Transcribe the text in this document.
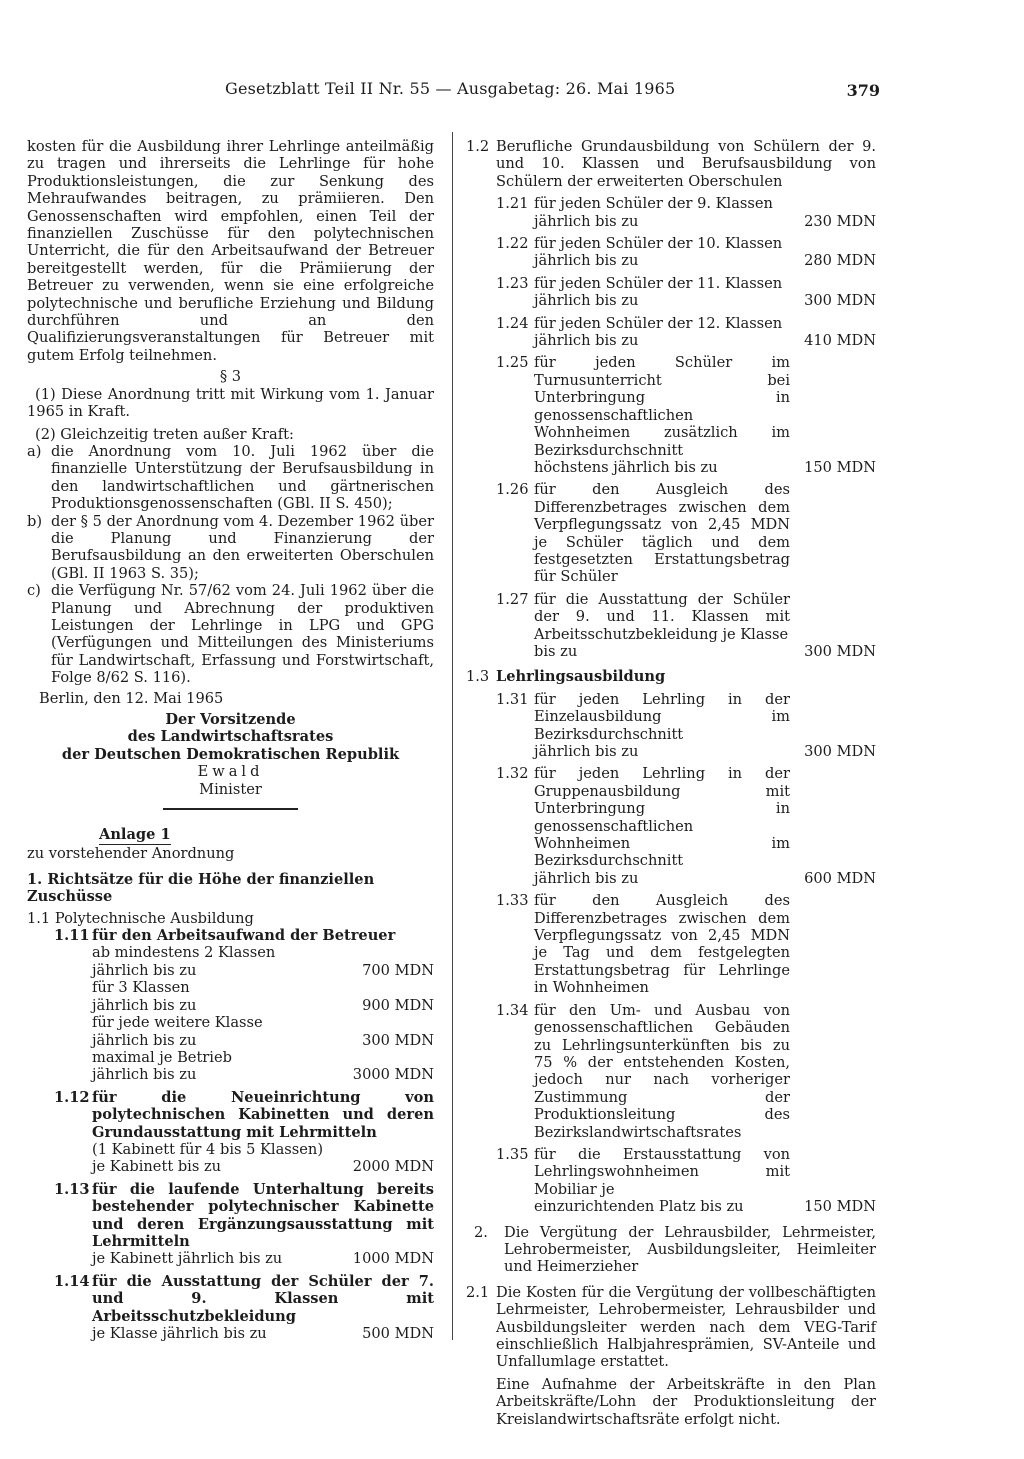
Gesetzblatt Teil II Nr. 55 — Ausgabetag: 26. Mai 1965	379

kosten für die Ausbildung ihrer Lehrlinge anteilmäßig zu tragen und ihrerseits die Lehrlinge für hohe Produktionsleistungen, die zur Senkung des Mehraufwandes beitragen, zu prämiieren. Den Genossenschaften wird empfohlen, einen Teil der finanziellen Zuschüsse für den polytechnischen Unterricht, die für den Arbeitsaufwand der Betreuer bereitgestellt werden, für die Prämiierung der Betreuer zu verwenden, wenn sie eine erfolgreiche polytechnische und berufliche Erziehung und Bildung durchführen und an den Qualifizierungsveranstaltungen für Betreuer mit gutem Erfolg teilnehmen.

§ 3

(1) Diese Anordnung tritt mit Wirkung vom 1. Januar 1965 in Kraft.

(2) Gleichzeitig treten außer Kraft:

a) die Anordnung vom 10. Juli 1962 über die finanzielle Unterstützung der Berufsausbildung in den landwirtschaftlichen und gärtnerischen Produktionsgenossenschaften (GBl. II S. 450);
b) der § 5 der Anordnung vom 4. Dezember 1962 über die Planung und Finanzierung der Berufsausbildung an den erweiterten Oberschulen (GBl. II 1963 S. 35);
c) die Verfügung Nr. 57/62 vom 24. Juli 1962 über die Planung und Abrechnung der produktiven Leistungen der Lehrlinge in LPG und GPG (Verfügungen und Mitteilungen des Ministeriums für Landwirtschaft, Erfassung und Forstwirtschaft, Folge 8/62 S. 116).
Berlin, den 12. Mai 1965
Der Vorsitzende
des Landwirtschaftsrates
der Deutschen Demokratischen Republik
Ewald
Minister
Anlage 1
zu vorstehender Anordnung
1. Richtsätze für die Höhe der finanziellen Zuschüsse
1.1 Polytechnische Ausbildung
1.11 für den Arbeitsaufwand der Betreuer
ab mindestens 2 Klassen
jährlich bis zu	700 MDN
für 3 Klassen
jährlich bis zu	900 MDN
für jede weitere Klasse
jährlich bis zu	300 MDN
maximal je Betrieb
jährlich bis zu	3000 MDN
1.12 für die Neueinrichtung von polytechnischen Kabinetten und deren Grundausstattung mit Lehrmitteln
(1 Kabinett für 4 bis 5 Klassen)
je Kabinett bis zu	2000 MDN
1.13 für die laufende Unterhaltung bereits bestehender polytechnischer Kabinette und deren Ergänzungsausstattung mit Lehrmitteln
je Kabinett jährlich bis zu	1000 MDN
1.14 für die Ausstattung der Schüler der 7. und 9. Klassen mit Arbeitsschutzbekleidung
je Klasse jährlich bis zu	500 MDN
1.2 Berufliche Grundausbildung von Schülern der 9. und 10. Klassen und Berufsausbildung von Schülern der erweiterten Oberschulen
1.21 für jeden Schüler der 9. Klassen
jährlich bis zu	230 MDN
1.22 für jeden Schüler der 10. Klassen
jährlich bis zu	280 MDN
1.23 für jeden Schüler der 11. Klassen
jährlich bis zu	300 MDN
1.24 für jeden Schüler der 12. Klassen
jährlich bis zu	410 MDN
1.25 für jeden Schüler im Turnusunterricht bei Unterbringung in genossenschaftlichen Wohnheimen zusätzlich im Bezirksdurchschnitt
höchstens jährlich bis zu	150 MDN
1.26 für den Ausgleich des Differenzbetrages zwischen dem Verpflegungssatz von 2,45 MDN je Schüler täglich und dem festgesetzten Erstattungsbetrag für Schüler
1.27 für die Ausstattung der Schüler der 9. und 11. Klassen mit Arbeitsschutzbekleidung je Klasse
bis zu	300 MDN
1.3 Lehrlingsausbildung
1.31 für jeden Lehrling in der Einzelausbildung im Bezirksdurchschnitt
jährlich bis zu	300 MDN
1.32 für jeden Lehrling in der Gruppenausbildung mit Unterbringung in genossenschaftlichen Wohnheimen im Bezirksdurchschnitt
jährlich bis zu	600 MDN
1.33 für den Ausgleich des Differenzbetrages zwischen dem Verpflegungssatz von 2,45 MDN je Tag und dem festgelegten Erstattungsbetrag für Lehrlinge in Wohnheimen
1.34 für den Um- und Ausbau von genossenschaftlichen Gebäuden zu Lehrlingsunterkünften bis zu 75 % der entstehenden Kosten, jedoch nur nach vorheriger Zustimmung der Produktionsleitung des Bezirkslandwirtschaftsrates
1.35 für die Erstausstattung von Lehrlingswohnheimen mit Mobiliar je
einzurichtenden Platz bis zu	150 MDN
2.	Die Vergütung der Lehrausbilder, Lehrmeister, Lehrobermeister, Ausbildungsleiter, Heimleiter und Heimerzieher
2.1 Die Kosten für die Vergütung der vollbeschäftigten Lehrmeister, Lehrobermeister, Lehrausbilder und Ausbildungsleiter werden nach dem VEG-Tarif einschließlich Halbjahresprämien, SV-Anteile und Unfallumlage erstattet.
Eine Aufnahme der Arbeitskräfte in den Plan Arbeitskräfte/Lohn der Produktionsleitung der Kreislandwirtschaftsräte erfolgt nicht.
